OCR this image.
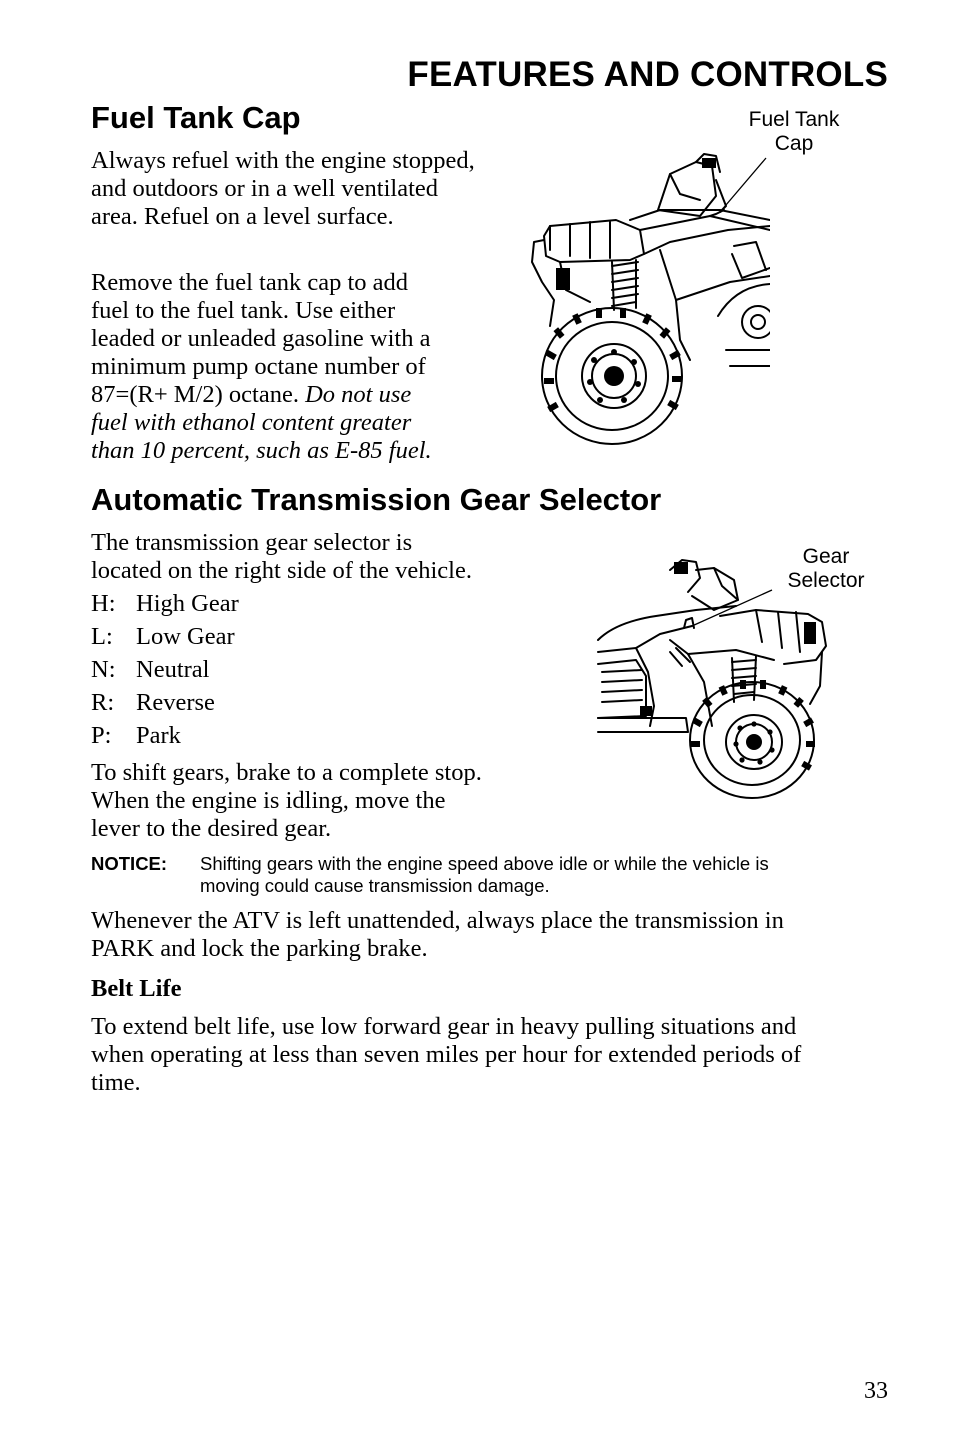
FEATURES AND CONTROLS
Fuel Tank Cap

Always refuel with the engine stopped, and outdoors or in a well ventilated area. Refuel on a level surface.

Remove the fuel tank cap to add
fuel to the fuel tank. Use either
leaded or unleaded gasoline with a
minimum pump octane number of
87=(R+ M/2) octane. Do not use
fuel with ethanol content greater
than 10 percent, such as E-85 fuel.
Fuel Tank
Cap
Automatic Transmission Gear Selector
The transmission gear selector is
located on the right side of the vehicle.
H: High Gear
L: Low Gear
N: Neutral
R: Reverse
P: Park
To shift gears, brake to a complete stop.
When the engine is idling, move the
lever to the desired gear.
Gear
Selector
NOTICE: Shifting gears with the engine speed above idle or while the vehicle is
moving could cause transmission damage.
Whenever the ATV is left unattended, always place the transmission in
PARK and lock the parking brake.
Belt Life
To extend belt life, use low forward gear in heavy pulling situations and
when operating at less than seven miles per hour for extended periods of
time.
33
